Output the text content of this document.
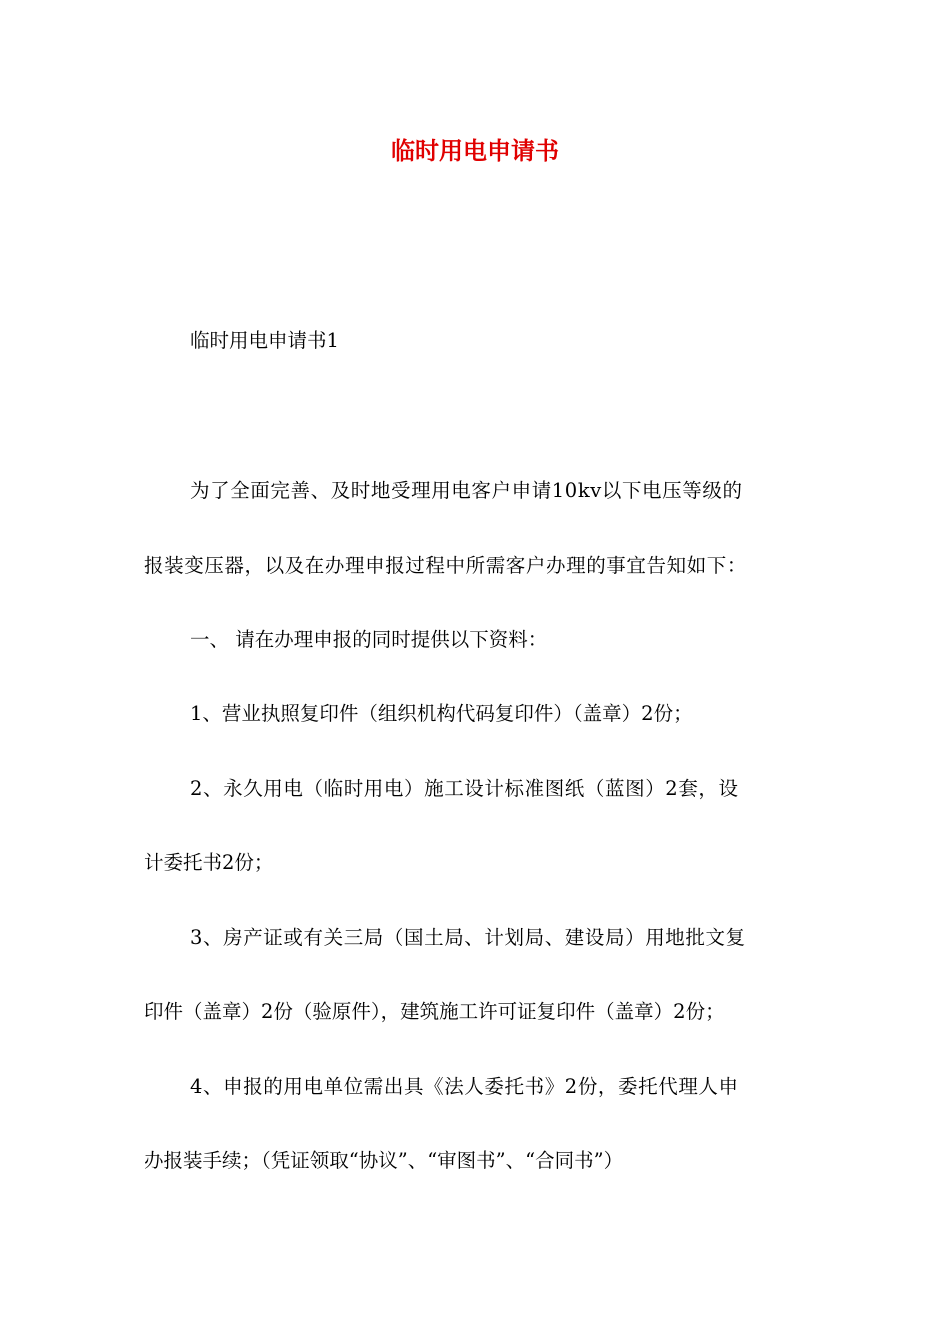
临时用电申请书

临时用电申请书1

为了全面完善、及时地受理用电客户申请10kv以下电压等级的

报装变压器，以及在办理申报过程中所需客户办理的事宜告知如下：

一、 请在办理申报的同时提供以下资料：

1、营业执照复印件（组织机构代码复印件）（盖章）2份；

2、永久用电（临时用电）施工设计标准图纸（蓝图）2套，设

计委托书2份；

3、房产证或有关三局（国土局、计划局、建设局）用地批文复

印件（盖章）2份（验原件），建筑施工许可证复印件（盖章）2份；

4、申报的用电单位需出具《法人委托书》2份，委托代理人申

办报装手续；（凭证领取“协议”、“审图书”、“合同书”）
